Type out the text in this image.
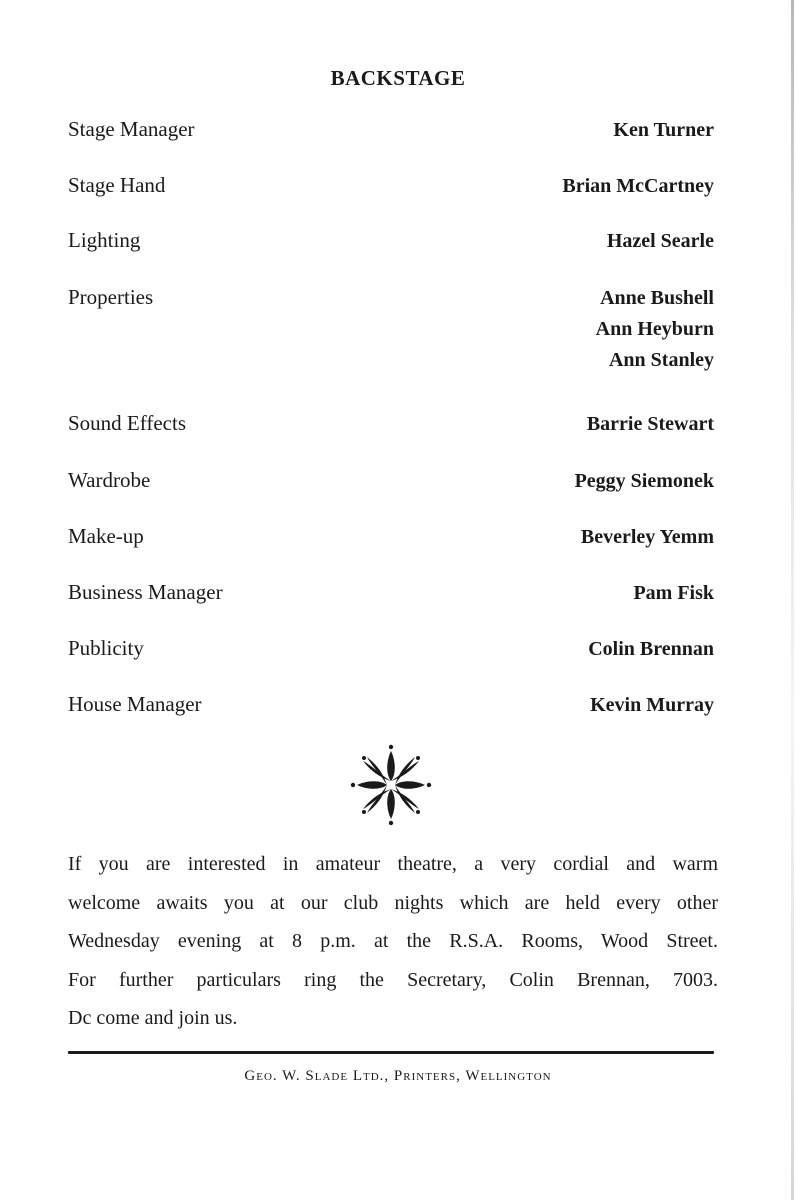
BACKSTAGE
Stage Manager	Ken Turner
Stage Hand	Brian McCartney
Lighting	Hazel Searle
Properties	Anne Bushell
Ann Heyburn
Ann Stanley
Sound Effects	Barrie Stewart
Wardrobe	Peggy Siemonek
Make-up	Beverley Yemm
Business Manager	Pam Fisk
Publicity	Colin Brennan
House Manager	Kevin Murray
If you are interested in amateur theatre, a very cordial and warm
welcome awaits you at our club nights which are held every other
Wednesday evening at 8 p.m. at the R.S.A. Rooms, Wood Street.
For further particulars ring the Secretary, Colin Brennan, 7003.
Dc come and join us.
Geo. W. Slade Ltd., Printers, Wellington
